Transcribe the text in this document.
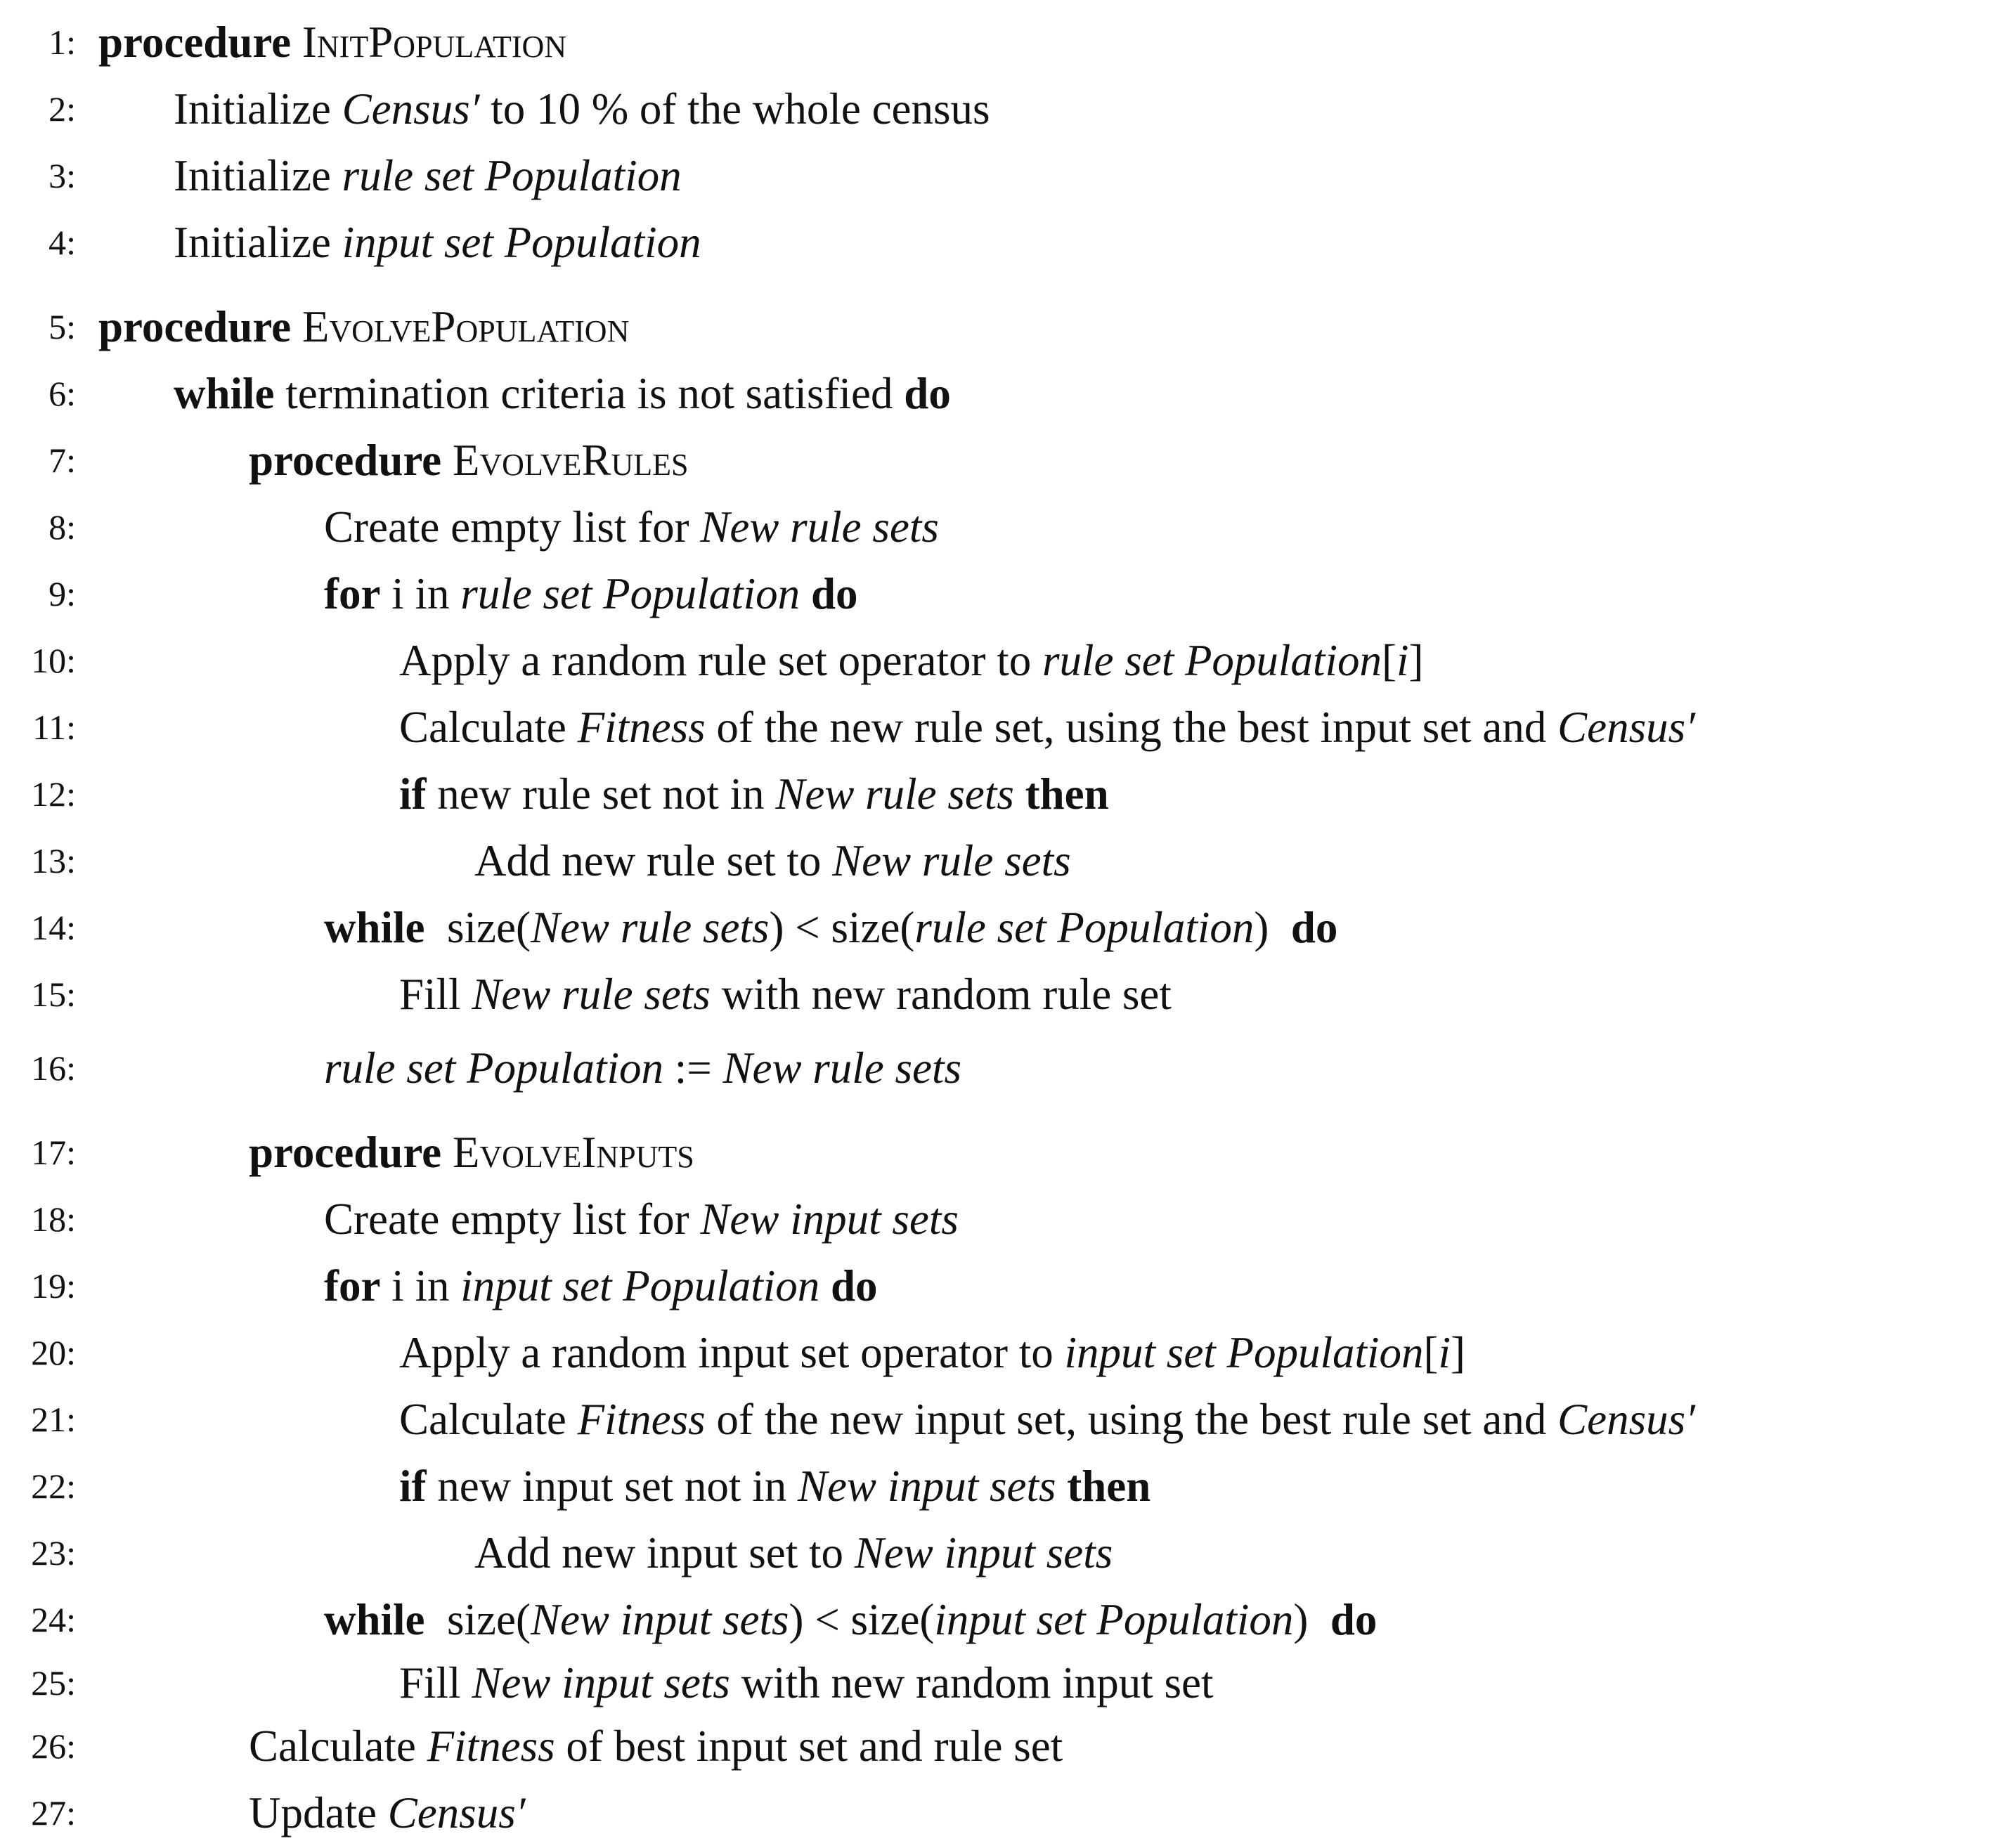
1: procedure InitPopulation
2: Initialize Census′ to 10 % of the whole census
3: Initialize rule set Population
4: Initialize input set Population
5: procedure EvolvePopulation
6: while termination criteria is not satisfied do
7:	procedure EvolveRules
8:	Create empty list for New rule sets
9:	for i in rule set Population do
10:	Apply a random rule set operator to rule set Population[i]
11:	Calculate Fitness of the new rule set, using the best input set and Census′
12:	if new rule set not in New rule sets then
13:	Add new rule set to New rule sets
14:	while  size(New rule sets) < size(rule set Population)  do
15:	Fill New rule sets with new random rule set
16:	rule set Population := New rule sets
17:	procedure EvolveInputs
18:	Create empty list for New input sets
19:	for i in input set Population do
20:	Apply a random input set operator to input set Population[i]
21:	Calculate Fitness of the new input set, using the best rule set and Census′
22:	if new input set not in New input sets then
23:	Add new input set to New input sets
24:	while  size(New input sets) < size(input set Population)  do
25:	Fill New input sets with new random input set
26:	Calculate Fitness of best input set and rule set
27:	Update Census′
